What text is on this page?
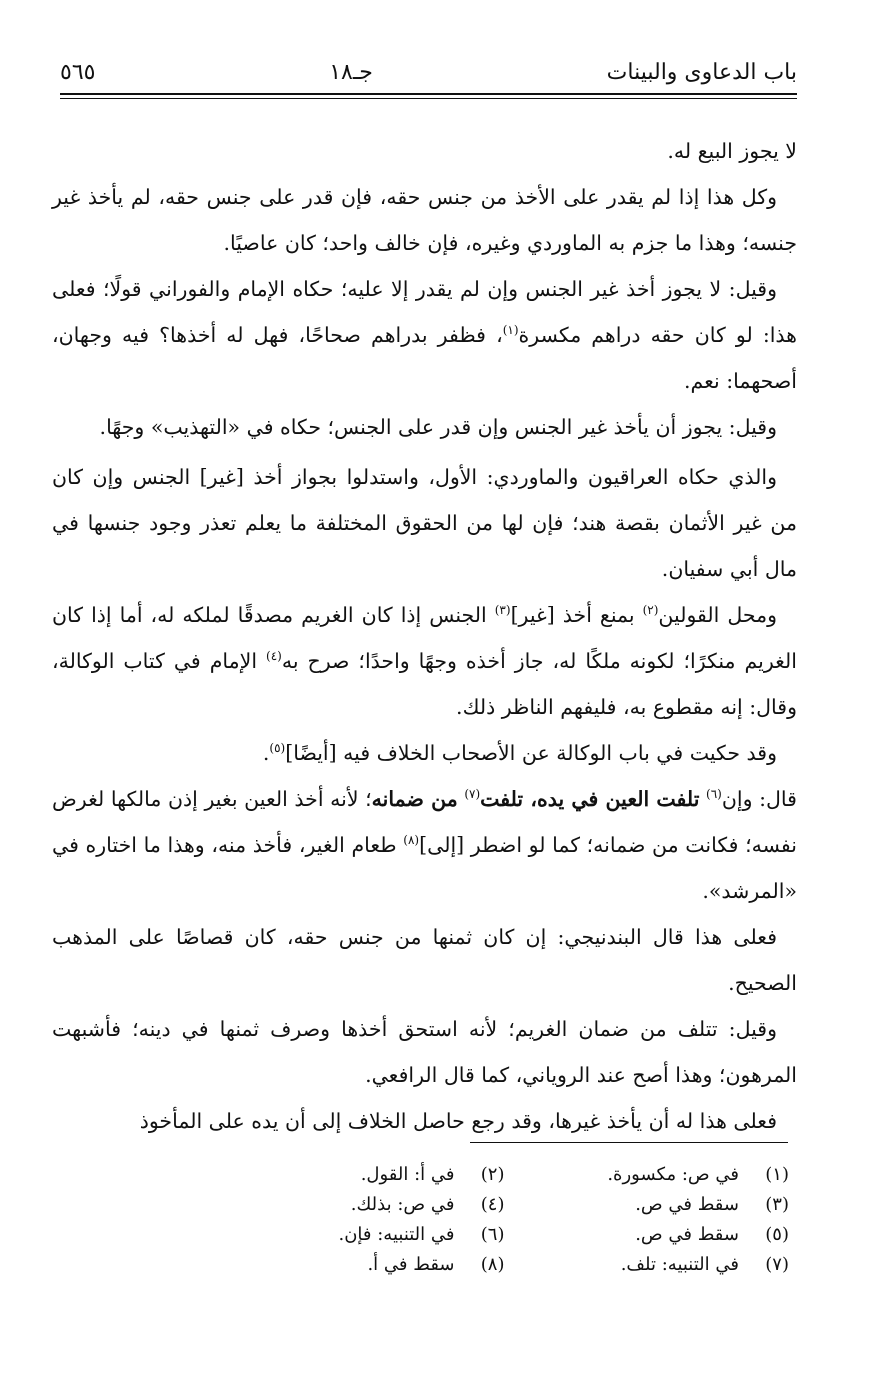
باب الدعاوى والبينات
جـ١٨
٥٦٥

لا يجوز البيع له.

وكل هذا إذا لم يقدر على الأخذ من جنس حقه، فإن قدر على جنس حقه، لم يأخذ غير جنسه؛ وهذا ما جزم به الماوردي وغيره، فإن خالف واحد؛ كان عاصيًا.

وقيل: لا يجوز أخذ غير الجنس وإن لم يقدر إلا عليه؛ حكاه الإمام والفوراني قولًا؛ فعلى هذا: لو كان حقه دراهم مكسرة$^{(١)}$، فظفر بدراهم صحاحًا، فهل له أخذها؟ فيه وجهان، أصحهما: نعم.

وقيل: يجوز أن يأخذ غير الجنس وإن قدر على الجنس؛ حكاه في «التهذيب» وجهًا.

والذي حكاه العراقيون والماوردي: الأول، واستدلوا بجواز أخذ [غير] الجنس وإن كان من غير الأثمان بقصة هند؛ فإن لها من الحقوق المختلفة ما يعلم تعذر وجود جنسها في مال أبي سفيان.

ومحل القولين$^{(٢)}$ بمنع أخذ [غير]$^{(٣)}$ الجنس إذا كان الغريم مصدقًا لملكه له، أما إذا كان الغريم منكرًا؛ لكونه ملكًا له، جاز أخذه وجهًا واحدًا؛ صرح به$^{(٤)}$ الإمام في كتاب الوكالة، وقال: إنه مقطوع به، فليفهم الناظر ذلك.

وقد حكيت في باب الوكالة عن الأصحاب الخلاف فيه [أيضًا]$^{(٥)}$.

قال: وإن$^{(٦)}$ تلفت العين في يده، تلفت$^{(٧)}$ من ضمانه؛ لأنه أخذ العين بغير إذن مالكها لغرض نفسه؛ فكانت من ضمانه؛ كما لو اضطر [إلى]$^{(٨)}$ طعام الغير، فأخذ منه، وهذا ما اختاره في «المرشد».

فعلى هذا قال البندنيجي: إن كان ثمنها من جنس حقه، كان قصاصًا على المذهب الصحيح.

وقيل: تتلف من ضمان الغريم؛ لأنه استحق أخذها وصرف ثمنها في دينه؛ فأشبهت المرهون؛ وهذا أصح عند الروياني، كما قال الرافعي.

فعلى هذا له أن يأخذ غيرها، وقد رجع حاصل الخلاف إلى أن يده على المأخوذ

(١)
في ص: مكسورة.
(٢)
في أ: القول.
(٣)
سقط في ص.
(٤)
في ص: بذلك.
(٥)
سقط في ص.
(٦)
في التنبيه: فإن.
(٧)
في التنبيه: تلف.
(٨)
سقط في أ.
